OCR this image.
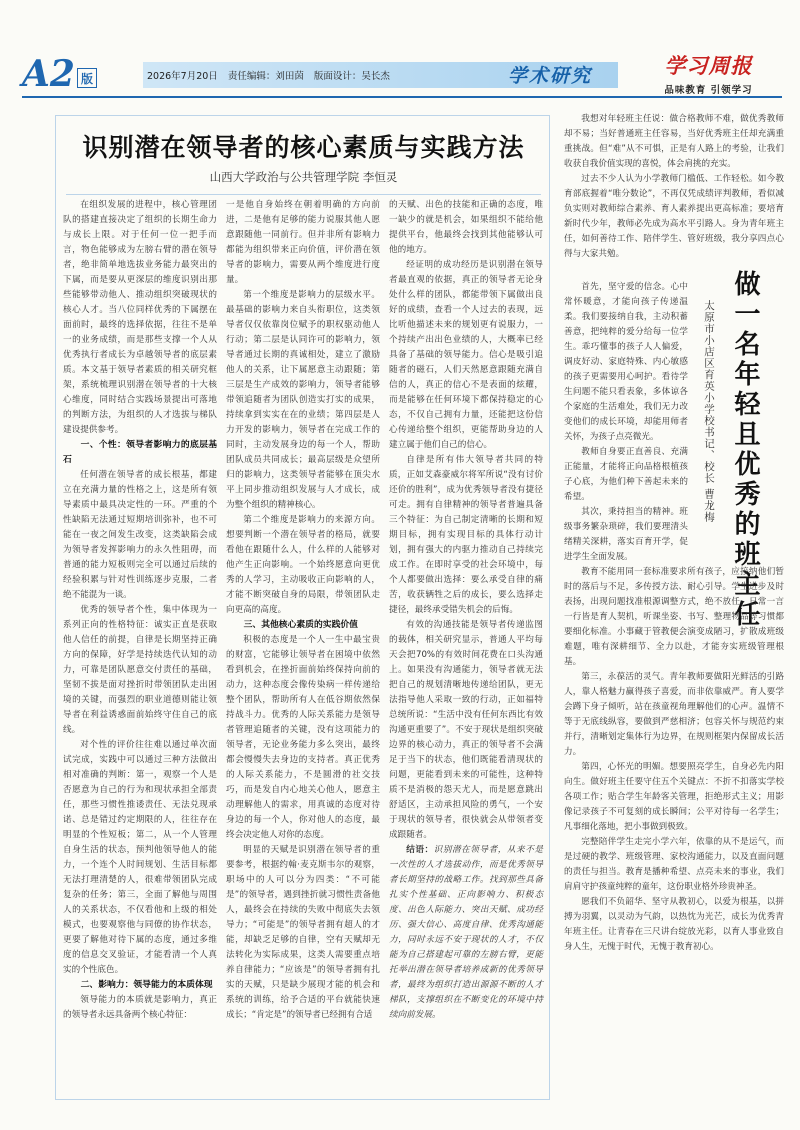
A2 版	2026年7月20日 责任编辑：刘田茵 版面设计：吴长杰	学术研究	学习周报
品味教育 引领学习
识别潜在领导者的核心素质与实践方法
山西大学政治与公共管理学院 李恒灵

在组织发展的进程中，核心管理团队的搭建直接决定了组织的长期生命力与成长上限。对于任何一位一把手而言，物色能够成为左膀右臂的潜在领导者，绝非简单地选拔业务能力最突出的下属，而是要从更深层的维度识别出那些能够带动他人、推动组织突破现状的核心人才。当八位同样优秀的下属摆在面前时，最终的选择依据，往往不是单一的业务成绩，而是那些支撑一个人从优秀执行者成长为卓越领导者的底层素质。本文基于领导者素质的相关研究框架，系统梳理识别潜在领导者的十大核心维度，同时结合实践场景提出可落地的判断方法，为组织的人才选拔与梯队建设提供参考。

一、个性：领导者影响力的底层基石

任何潜在领导者的成长根基，都建立在充满力量的性格之上，这是所有领导素质中最具决定性的一环。严重的个性缺陷无法通过短期培训弥补，也不可能在一夜之间发生改变，这类缺陷会成为领导者发挥影响力的永久性阻碍，而普通的能力短板则完全可以通过后续的经验积累与针对性训练逐步克服，二者绝不能混为一谈。

优秀的领导者个性，集中体现为一系列正向的性格特征：诚实正直是获取他人信任的前提，自律是长期坚持正确方向的保障，好学是持续迭代认知的动力，可靠是团队愿意交付责任的基础，坚韧不拔是面对挫折时带领团队走出困境的关键，而强烈的职业道德则能让领导者在利益诱惑面前始终守住自己的底线。

对个性的评价往往难以通过单次面试完成，实践中可以通过三种方法做出相对准确的判断：第一，观察一个人是否愿意为自己的行为和现状承担全部责任，那些习惯性推诿责任、无法兑现承诺、总是错过约定期限的人，往往存在明显的个性短板；第二，从一个人管理自身生活的状态，预判他领导他人的能力，一个连个人时间规划、生活目标都无法打理清楚的人，很难带领团队完成复杂的任务；第三，全面了解他与周围人的关系状态，不仅看他和上级的相处模式，也要观察他与同僚的协作状态，更要了解他对待下属的态度，通过多维度的信息交叉验证，才能看清一个人真实的个性底色。

二、影响力：领导能力的本质体现

领导能力的本质就是影响力，真正的领导者永远具备两个核心特征：

一是他自身始终在朝着明确的方向前进，二是他有足够的能力说服其他人愿意跟随他一同前行。但并非所有影响力都能为组织带来正向价值，评价潜在领导者的影响力，需要从两个维度进行度量。

第一个维度是影响力的层级水平。最基础的影响力来自头衔职位，这类领导者仅仅依靠岗位赋予的职权驱动他人行动；第二层是认同许可的影响力，领导者通过长期的真诚相处，建立了激励他人的关系，让下属愿意主动跟随；第三层是生产成效的影响力，领导者能够带领追随者为团队创造实打实的成果，持续拿到实实在在的业绩；第四层是人力开发的影响力，领导者在完成工作的同时，主动发展身边的每一个人，帮助团队成员共同成长；最高层级是众望所归的影响力，这类领导者能够在顶尖水平上同步推动组织发展与人才成长，成为整个组织的精神核心。

第二个维度是影响力的来源方向。想要判断一个潜在领导者的格局，就要看他在跟随什么人，什么样的人能够对他产生正向影响。一个始终愿意向更优秀的人学习，主动吸收正向影响的人，才能不断突破自身的局限，带领团队走向更高的高度。

三、其他核心素质的实践价值

积极的态度是一个人一生中最宝贵的财富，它能够让领导者在困境中依然看到机会，在挫折面前始终保持向前的动力，这种态度会像传染病一样传递给整个团队，帮助所有人在低谷期依然保持战斗力。优秀的人际关系能力是领导者管理追随者的关键，没有这项能力的领导者，无论业务能力多么突出，最终都会慢慢失去身边的支持者。真正优秀的人际关系能力，不是圆滑的社交技巧，而是发自内心地关心他人，愿意主动理解他人的需求，用真诚的态度对待身边的每一个人，你对他人的态度，最终会决定他人对你的态度。

明显的天赋是识别潜在领导者的重要参考，根据约翰·麦克斯韦尔的观察，职场中的人可以分为四类：“不可能是”的领导者，遇到挫折就习惯性责备他人，最终会在持续的失败中彻底失去领导力；“可能是”的领导者拥有超人的才能，却缺乏足够的自律，空有天赋却无法转化为实际成果，这类人需要重点培养自律能力；“应该是”的领导者拥有扎实的天赋，只是缺少展现才能的机会和系统的训练，给予合适的平台就能快速成长；“肯定是”的领导者已经拥有合适

的天赋、出色的技能和正确的态度，唯一缺少的就是机会，如果组织不能给他提供平台，他最终会找到其他能够认可他的地方。

经证明的成功经历是识别潜在领导者最直观的依据，真正的领导者无论身处什么样的团队，都能带领下属做出良好的成绩，查看一个人过去的表现，远比听他描述未来的规划更有说服力，一个持续产出出色业绩的人，大概率已经具备了基础的领导能力。信心是吸引追随者的磁石，人们天然愿意跟随充满自信的人，真正的信心不是表面的炫耀，而是能够在任何环境下都保持稳定的心态，不仅自己拥有力量，还能把这份信心传递给整个组织，更能帮助身边的人建立属于他们自己的信心。

自律是所有伟大领导者共同的特质，正如艾森豪威尔将军所说“没有讨价还价的胜利”，成为优秀领导者没有捷径可走。拥有自律精神的领导者普遍具备三个特征：为自己制定清晰的长期和短期目标，拥有实现目标的具体行动计划，拥有强大的内驱力推动自己持续完成工作。在即时享受的社会环境中，每个人都要做出选择：要么承受自律的痛苦，收获辆牲之后的成长，要么选择走捷径，最终承受错失机会的后悔。

有效的沟通技能是领导者传递监图的载体，相关研究显示，普通人平均每天会把70%的有效时间花费在口头沟通上。如果没有沟通能力，领导者就无法把自己的规划清晰地传递给团队，更无法指导他人采取一致的行动，正如福特总统所说：“生活中没有任何东西比有效沟通更重要了”。不安于现状是组织突破边界的核心动力，真正的领导者不会满足于当下的状态，他们既能看清现状的问题，更能看到未来的可能性，这种特质不是消极的怨天尤人，而是愿意跳出舒适区，主动承担风险的勇气，一个安于现状的领导者，很快就会从带领者变成跟随者。

结语：识别潜在领导者，从来不是一次性的人才选拔动作，而是优秀领导者长期坚持的战略工作。找到那些具备扎实个性基础、正向影响力、积极态度、出色人际能力、突出天赋、成功经历、强大信心、高度自律、优秀沟通能力，同时永远不安于现状的人才，不仅能为自己搭建起可靠的左膀右臂，更能托举出潜在领导者培养成新的优秀领导者，最终为组织打造出源源不断的人才梯队，支撑组织在不断变化的环境中持续向前发展。

我想对年轻班主任说：做合格教师不难，做优秀教师却不易；当好普通班主任容易，当好优秀班主任却充满重重挑战。但“难”从不可惧，正是有人路上的考验，让我们收获自我价值实现的喜悦，体会肩挑的充实。

过去不少人认为小学教师门槛低、工作轻松。如今教育部底握着“唯分数论”，不再仅凭成绩评判教师，看似减负实则对教师综合素养、育人素养提出更高标准；要培育新时代少年，教师必先成为高水平引路人。身为青年班主任，如何善待工作、陪伴学生、管好班级，我分享四点心得与大家共勉。

首先，坚守爱的信念。心中常怀暖意，才能向孩子传递温柔。我们要接纳自我，主动积蓄善意，把纯粹的爱分给每一位学生。乖巧懂事的孩子人人偏爱，调皮好动、家庭特殊、内心敏感的孩子更需要用心呵护。看待学生问题不能只看表象，多体谅各个家庭的生活难处，我们无力改变他们的成长环境，却能用师者关怀，为孩子点亮微光。

教师自身要正直善良、充满正能量，才能将正向品格根植孩子心底，为他们种下善起未来的希望。

其次，秉持担当的精神。班级事务繁杂琐碎，我们要理清头绪精关深耕，落实百育开学，促进学生全面发展。

太原市小店区育英小学校书记、校长 曹龙梅 做一名年轻且优秀的班主任

教育不能用同一套标准要求所有孩子，应接纳他们暂时的落后与不足，多传授方法、耐心引导。学生进步及时表扬，出现问题找准根源调整方式，绝不放任。日常一言一行皆是育人契机，听课坐姿、书写、整理物品等习惯都要细化标准。小事藏于管教便会演变成陋习，扩散成班级难题，唯有深耕细节、全力以赴，才能夯实班级管理根基。

第三，永葆活的灵气。青年教师要做阳光鲜活的引路人，靠人格魅力赢得孩子喜爱，而非依靠威严。育人要学会蹲下身子倾听，站在孩童视角理解他们的心声。温情不等于无底线纵容，要做到严慈相济；包容关怀与规范约束并行，清晰划定集体行为边界，在规则框架内保留成长活力。

第四，心怀光的明媚。想要照亮学生，自身必先内阳向生。做好班主任要守住五个关键点：不折不扣落实学校各项工作；贴合学生年龄客关管理，拒绝形式主义；用影像记录孩子不可复刻的成长瞬间；公平对待每一名学生；凡事细化落地，把小事做到极致。

完整陪伴学生走完小学六年，依靠的从不是运气，而是过硬的教学、班级管理、家校沟通能力，以及直面问题的责任与担当。教育是播种希望、点亮未来的事业，我们肩肩守护孩童纯粹的童年，这份职业格外珍贵神圣。

愿我们不负韶华、坚守从教初心，以爱为根基，以拼搏为羽翼，以灵动为气韵，以热忱为光芒，成长为优秀青年班主任。让青春在三尺讲台绽放光彩，以育人事业致自身人生，无愧于时代，无愧于教育初心。
